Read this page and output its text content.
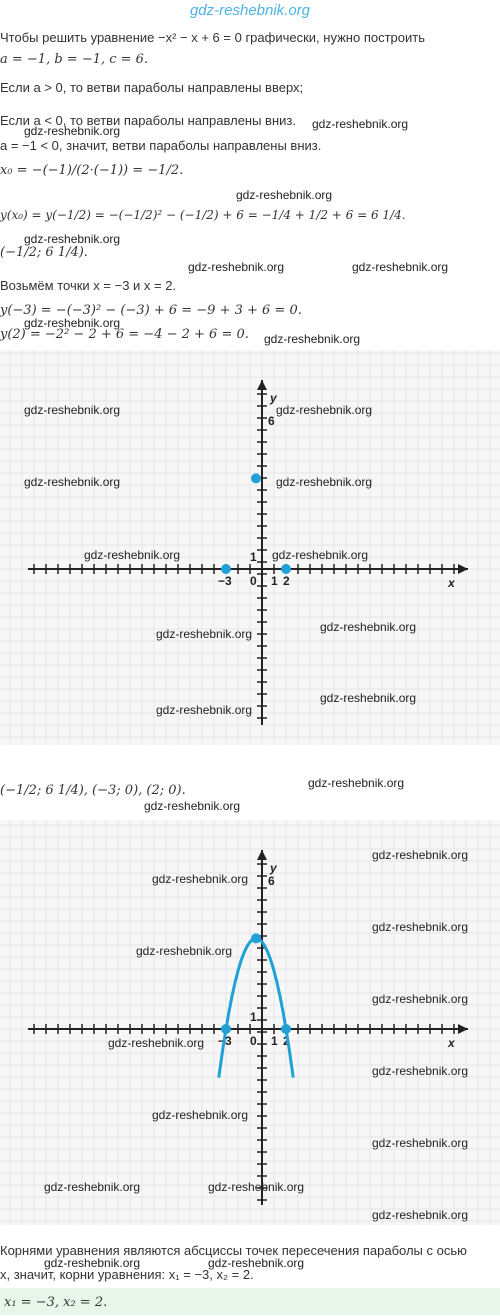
gdz-reshebnik.org
Чтобы решить уравнение −x² − x + 6 = 0 графически, нужно построить
a = −1, b = −1, c = 6.
Если a > 0, то ветви параболы направлены вверх;
Если a < 0, то ветви параболы направлены вниз.
a = −1 < 0, значит, ветви параболы направлены вниз.
x₀ = −(−1)/(2·(−1)) = −1/2.
y(x₀) = y(−1/2) = −(−1/2)² − (−1/2) + 6 = −1/4 + 1/2 + 6 = 6 1/4.
(−1/2; 6 1/4).
Возьмём точки x = −3 и x = 2.
y(−3) = −(−3)² − (−3) + 6 = −9 + 3 + 6 = 0.
y(2) = −2² − 2 + 6 = −4 − 2 + 6 = 0.
x
y
0 1
1
−3	2
6
(−1/2; 6 1/4), (−3; 0), (2; 0).
x
y
0 1
1
−3	2
6
Корнями уравнения являются абсциссы точек пересечения параболы с осью
x, значит, корни уравнения: x₁ = −3, x₂ = 2.
x₁ = −3, x₂ = 2.
gdz-reshebnik.org
gdz-reshebnik.org
gdz-reshebnik.org
gdz-reshebnik.org
gdz-reshebnik.org	gdz-reshebnik.org
gdz-reshebnik.org
gdz-reshebnik.org
gdz-reshebnik.org	gdz-reshebnik.org
gdz-reshebnik.org	gdz-reshebnik.org
gdz-reshebnik.org	gdz-reshebnik.org
gdz-reshebnik.org
gdz-reshebnik.org
gdz-reshebnik.org
gdz-reshebnik.org
gdz-reshebnik.org
gdz-reshebnik.org
gdz-reshebnik.org
gdz-reshebnik.org
gdz-reshebnik.org
gdz-reshebnik.org
gdz-reshebnik.org
gdz-reshebnik.org
gdz-reshebnik.org
gdz-reshebnik.org
gdz-reshebnik.org
gdz-reshebnik.org	gdz-reshebnik.org
gdz-reshebnik.org
gdz-reshebnik.org	gdz-reshebnik.org
